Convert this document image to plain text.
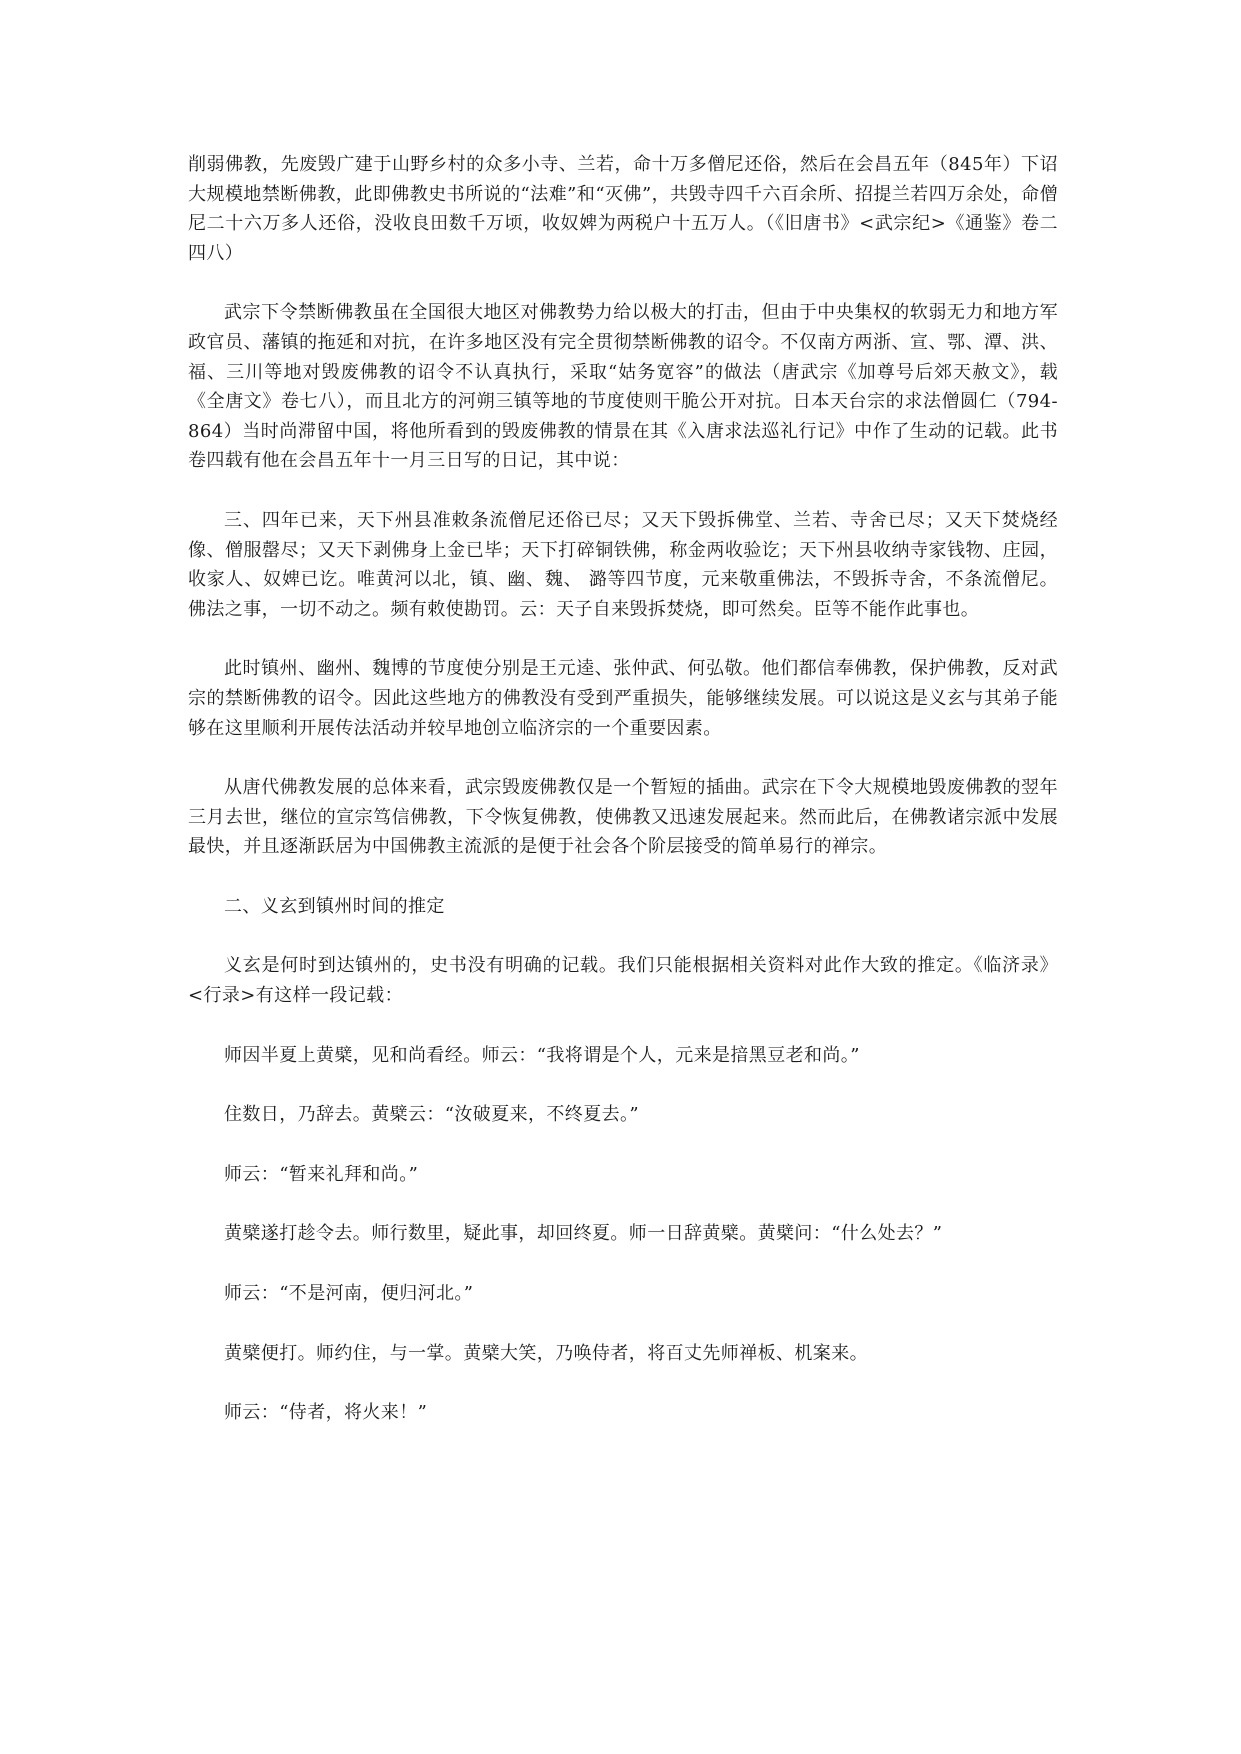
削弱佛教，先废毁广建于山野乡村的众多小寺、兰若，命十万多僧尼还俗，然后在会昌五年（845年）下诏大规模地禁断佛教，此即佛教史书所说的“法难”和“灭佛”，共毁寺四千六百余所、招提兰若四万余处，命僧尼二十六万多人还俗，没收良田数千万顷，收奴婢为两税户十五万人。（《旧唐书》<武宗纪>《通鉴》卷二四八）

武宗下令禁断佛教虽在全国很大地区对佛教势力给以极大的打击，但由于中央集权的软弱无力和地方军政官员、藩镇的拖延和对抗，在许多地区没有完全贯彻禁断佛教的诏令。不仅南方两浙、宣、鄂、潭、洪、福、三川等地对毁废佛教的诏令不认真执行，采取“姑务宽容”的做法（唐武宗《加尊号后郊天赦文》，载《全唐文》卷七八），而且北方的河朔三镇等地的节度使则干脆公开对抗。日本天台宗的求法僧圆仁（794-864）当时尚滞留中国，将他所看到的毁废佛教的情景在其《入唐求法巡礼行记》中作了生动的记载。此书卷四载有他在会昌五年十一月三日写的日记，其中说：

三、四年已来，天下州县准敕条流僧尼还俗已尽；又天下毁拆佛堂、兰若、寺舍已尽；又天下焚烧经像、僧服罄尽；又天下剥佛身上金已毕；天下打碎铜铁佛，称金两收验讫；天下州县收纳寺家钱物、庄园，收家人、奴婢已讫。唯黄河以北，镇、幽、魏、 潞等四节度，元来敬重佛法，不毁拆寺舍，不条流僧尼。佛法之事，一切不动之。频有敕使勘罚。云：天子自来毁拆焚烧，即可然矣。臣等不能作此事也。

此时镇州、幽州、魏博的节度使分别是王元逵、张仲武、何弘敬。他们都信奉佛教，保护佛教，反对武宗的禁断佛教的诏令。因此这些地方的佛教没有受到严重损失，能够继续发展。可以说这是义玄与其弟子能够在这里顺利开展传法活动并较早地创立临济宗的一个重要因素。

从唐代佛教发展的总体来看，武宗毁废佛教仅是一个暂短的插曲。武宗在下令大规模地毁废佛教的翌年三月去世，继位的宣宗笃信佛教，下令恢复佛教，使佛教又迅速发展起来。然而此后，在佛教诸宗派中发展最快，并且逐渐跃居为中国佛教主流派的是便于社会各个阶层接受的简单易行的禅宗。

二、义玄到镇州时间的推定

义玄是何时到达镇州的，史书没有明确的记载。我们只能根据相关资料对此作大致的推定。《临济录》<行录>有这样一段记载：

师因半夏上黄檗，见和尚看经。师云：“我将谓是个人，元来是揞黑豆老和尚。”

住数日，乃辞去。黄檗云：“汝破夏来，不终夏去。”

师云：“暂来礼拜和尚。”

黄檗遂打趁令去。师行数里，疑此事，却回终夏。师一日辞黄檗。黄檗问：“什么处去？”

师云：“不是河南，便归河北。”

黄檗便打。师约住，与一掌。黄檗大笑，乃唤侍者，将百丈先师禅板、机案来。

师云：“侍者，将火来！”
